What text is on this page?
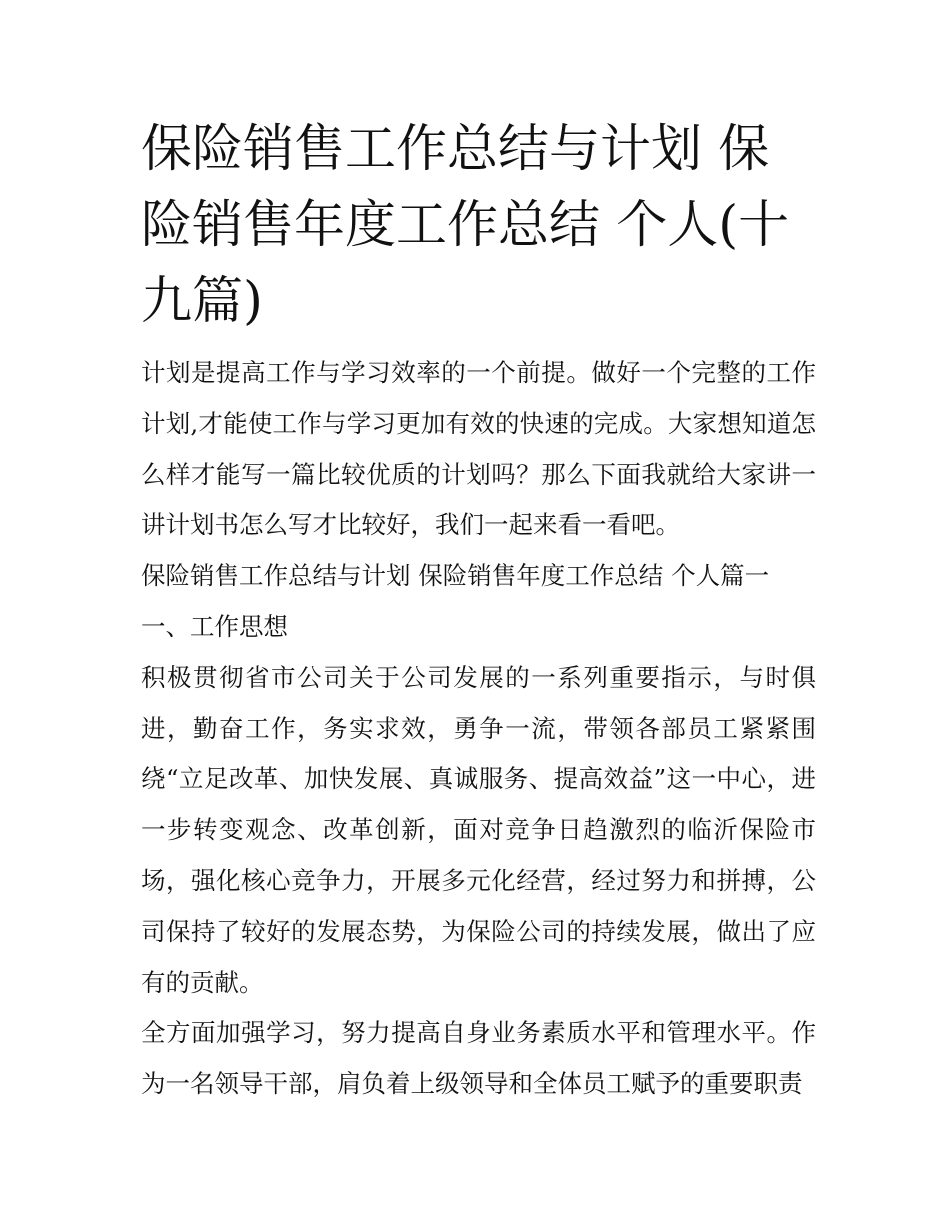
保险销售工作总结与计划 保险销售年度工作总结 个人(十九篇)

计划是提高工作与学习效率的一个前提。做好一个完整的工作计划,才能使工作与学习更加有效的快速的完成。大家想知道怎么样才能写一篇比较优质的计划吗？那么下面我就给大家讲一讲计划书怎么写才比较好，我们一起来看一看吧。

保险销售工作总结与计划 保险销售年度工作总结 个人篇一

一、工作思想

积极贯彻省市公司关于公司发展的一系列重要指示，与时俱进，勤奋工作，务实求效，勇争一流，带领各部员工紧紧围绕“立足改革、加快发展、真诚服务、提高效益”这一中心，进一步转变观念、改革创新，面对竞争日趋激烈的临沂保险市场，强化核心竞争力，开展多元化经营，经过努力和拼搏，公司保持了较好的发展态势，为保险公司的持续发展，做出了应有的贡献。

全方面加强学习，努力提高自身业务素质水平和管理水平。作为一名领导干部，肩负着上级领导和全体员工赋予的重要职责
